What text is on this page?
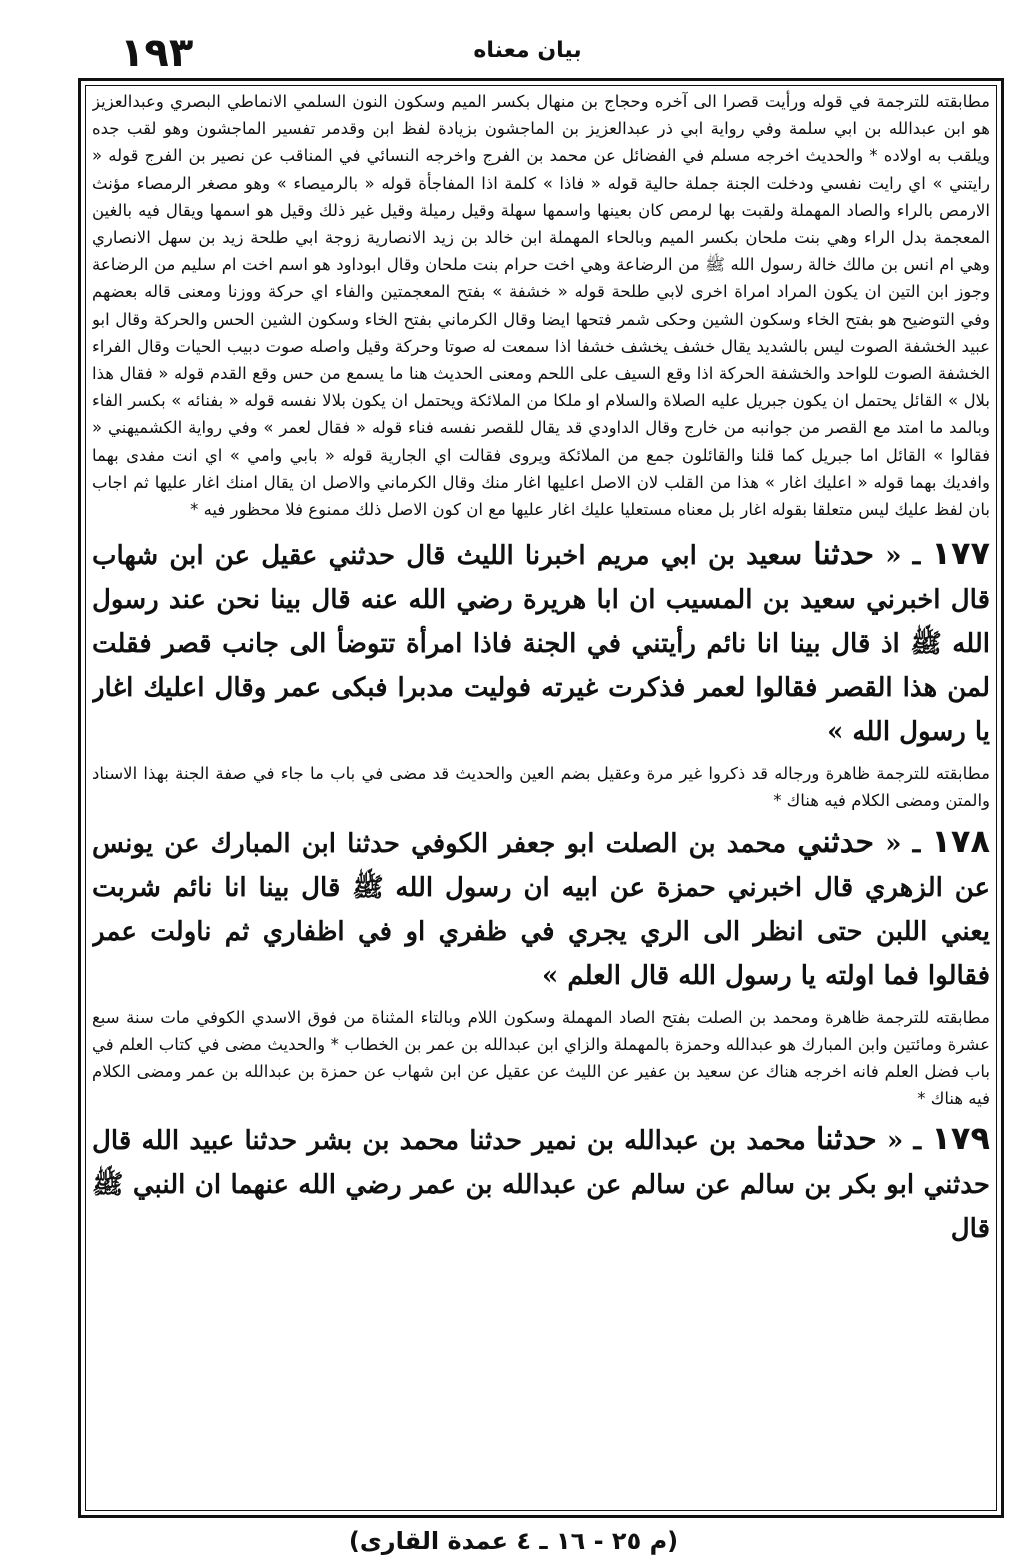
١٩٣	بيان معناه

مطابقته للترجمة في قوله ورأيت قصرا الى آخره وحجاج بن منهال بكسر الميم وسكون النون السلمي الانماطي البصري وعبدالعزيز هو ابن عبدالله بن ابي سلمة وفي رواية ابي ذر عبدالعزيز بن الماجشون بزيادة لفظ ابن وقدمر تفسير الماجشون وهو لقب جده ويلقب به اولاده * والحديث اخرجه مسلم في الفضائل عن محمد بن الفرج واخرجه النسائي في المناقب عن نصير بن الفرج قوله « رايتني » اي رايت نفسي ودخلت الجنة جملة حالية قوله « فاذا » كلمة اذا المفاجأة قوله « بالرميصاء » وهو مصغر الرمصاء مؤنث الارمص بالراء والصاد المهملة ولقبت بها لرمص كان بعينها واسمها سهلة وقيل رميلة وقيل غير ذلك وقيل هو اسمها ويقال فيه بالغين المعجمة بدل الراء وهي بنت ملحان بكسر الميم وبالحاء المهملة ابن خالد بن زيد الانصارية زوجة ابي طلحة زيد بن سهل الانصاري وهي ام انس بن مالك خالة رسول الله ﷺ من الرضاعة وهي اخت حرام بنت ملحان وقال ابوداود هو اسم اخت ام سليم من الرضاعة وجوز ابن التين ان يكون المراد امراة اخرى لابي طلحة قوله « خشفة » بفتح المعجمتين والفاء اي حركة ووزنا ومعنى قاله بعضهم وفي التوضيح هو بفتح الخاء وسكون الشين وحكى شمر فتحها ايضا وقال الكرماني بفتح الخاء وسكون الشين الحس والحركة وقال ابو عبيد الخشفة الصوت ليس بالشديد يقال خشف يخشف خشفا اذا سمعت له صوتا وحركة وقيل واصله صوت دبيب الحيات وقال الفراء الخشفة الصوت للواحد والخشفة الحركة اذا وقع السيف على اللحم ومعنى الحديث هنا ما يسمع من حس وقع القدم قوله « فقال هذا بلال » القائل يحتمل ان يكون جبريل عليه الصلاة والسلام او ملكا من الملائكة ويحتمل ان يكون بلالا نفسه قوله « بفنائه » بكسر الفاء وبالمد ما امتد مع القصر من جوانبه من خارج وقال الداودي قد يقال للقصر نفسه فناء قوله « فقال لعمر » وفي رواية الكشميهني « فقالوا » القائل اما جبريل كما قلنا والقائلون جمع من الملائكة ويروى فقالت اي الجارية قوله « بابي وامي » اي انت مفدى بهما وافديك بهما قوله « اعليك اغار » هذا من القلب لان الاصل اعليها اغار منك وقال الكرماني والاصل ان يقال امنك اغار عليها ثم اجاب بان لفظ عليك ليس متعلقا بقوله اغار بل معناه مستعليا عليك اغار عليها مع ان كون الاصل ذلك ممنوع فلا محظور فيه *

١٧٧ ـ « حدثنا سعيد بن ابي مريم اخبرنا الليث قال حدثني عقيل عن ابن شهاب قال اخبرني سعيد بن المسيب ان ابا هريرة رضي الله عنه قال بينا نحن عند رسول الله ﷺ اذ قال بينا انا نائم رأيتني في الجنة فاذا امرأة تتوضأ الى جانب قصر فقلت لمن هذا القصر فقالوا لعمر فذكرت غيرته فوليت مدبرا فبكى عمر وقال اعليك اغار يا رسول الله »

مطابقته للترجمة ظاهرة ورجاله قد ذكروا غير مرة وعقيل بضم العين والحديث قد مضى في باب ما جاء في صفة الجنة بهذا الاسناد والمتن ومضى الكلام فيه هناك *

١٧٨ ـ « حدثني محمد بن الصلت ابو جعفر الكوفي حدثنا ابن المبارك عن يونس عن الزهري قال اخبرني حمزة عن ابيه ان رسول الله ﷺ قال بينا انا نائم شربت يعني اللبن حتى انظر الى الري يجري في ظفري او في اظفاري ثم ناولت عمر فقالوا فما اولته يا رسول الله قال العلم »

مطابقته للترجمة ظاهرة ومحمد بن الصلت بفتح الصاد المهملة وسكون اللام وبالتاء المثناة من فوق الاسدي الكوفي مات سنة سبع عشرة ومائتين وابن المبارك هو عبدالله وحمزة بالمهملة والزاي ابن عبدالله بن عمر بن الخطاب * والحديث مضى في كتاب العلم في باب فضل العلم فانه اخرجه هناك عن سعيد بن عفير عن الليث عن عقيل عن ابن شهاب عن حمزة بن عبدالله بن عمر ومضى الكلام فيه هناك *

١٧٩ ـ « حدثنا محمد بن عبدالله بن نمير حدثنا محمد بن بشر حدثنا عبيد الله قال حدثني ابو بكر بن سالم عن سالم عن عبدالله بن عمر رضي الله عنهما ان النبي ﷺ قال

(م ٢٥ - ١٦ ـ ٤ عمدة القارى)
